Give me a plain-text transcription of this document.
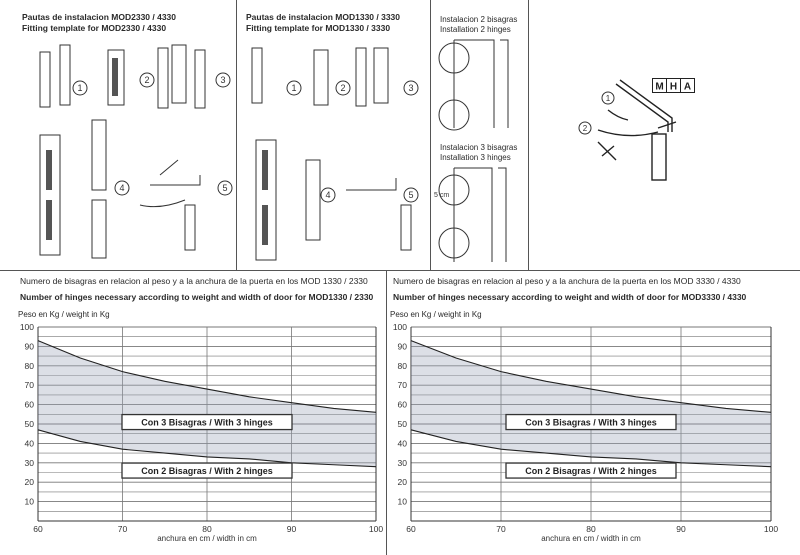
Pautas de instalacion MOD2330 / 4330
Fitting template for MOD2330 / 4330
1
2	3
4	5
Pautas de instalacion MOD1330 / 3330
Fitting template for MOD1330 / 3330
1	2	3
4	5
Instalacion 2 bisagras
Installation 2 hinges
Instalacion 3 bisagras
Installation 3 hinges
5 cm
M H A
1
2
Numero de bisagras en relacion al peso y a la anchura de la puerta en los MOD 1330 / 2330
Number of hinges necessary according to weight and width of door for MOD1330 / 2330
Peso en Kg / weight in Kg
10
20
30
40
50
60
70
80
90
100
60	70	80	90	100
anchura en cm / width in cm
Con 3 Bisagras / With 3 hinges
Con 2 Bisagras / With 2 hinges
Numero de bisagras en relacion al peso y a la anchura de la puerta en los MOD 3330 / 4330
Number of hinges necessary according to weight and width of door for MOD3330 / 4330
Peso en Kg / weight in Kg
10
20
30
40
50
60
70
80
90
100
60	70	80	90	100
anchura en cm / width in cm
Con 3 Bisagras / With 3 hinges
Con 2 Bisagras / With 2 hinges
